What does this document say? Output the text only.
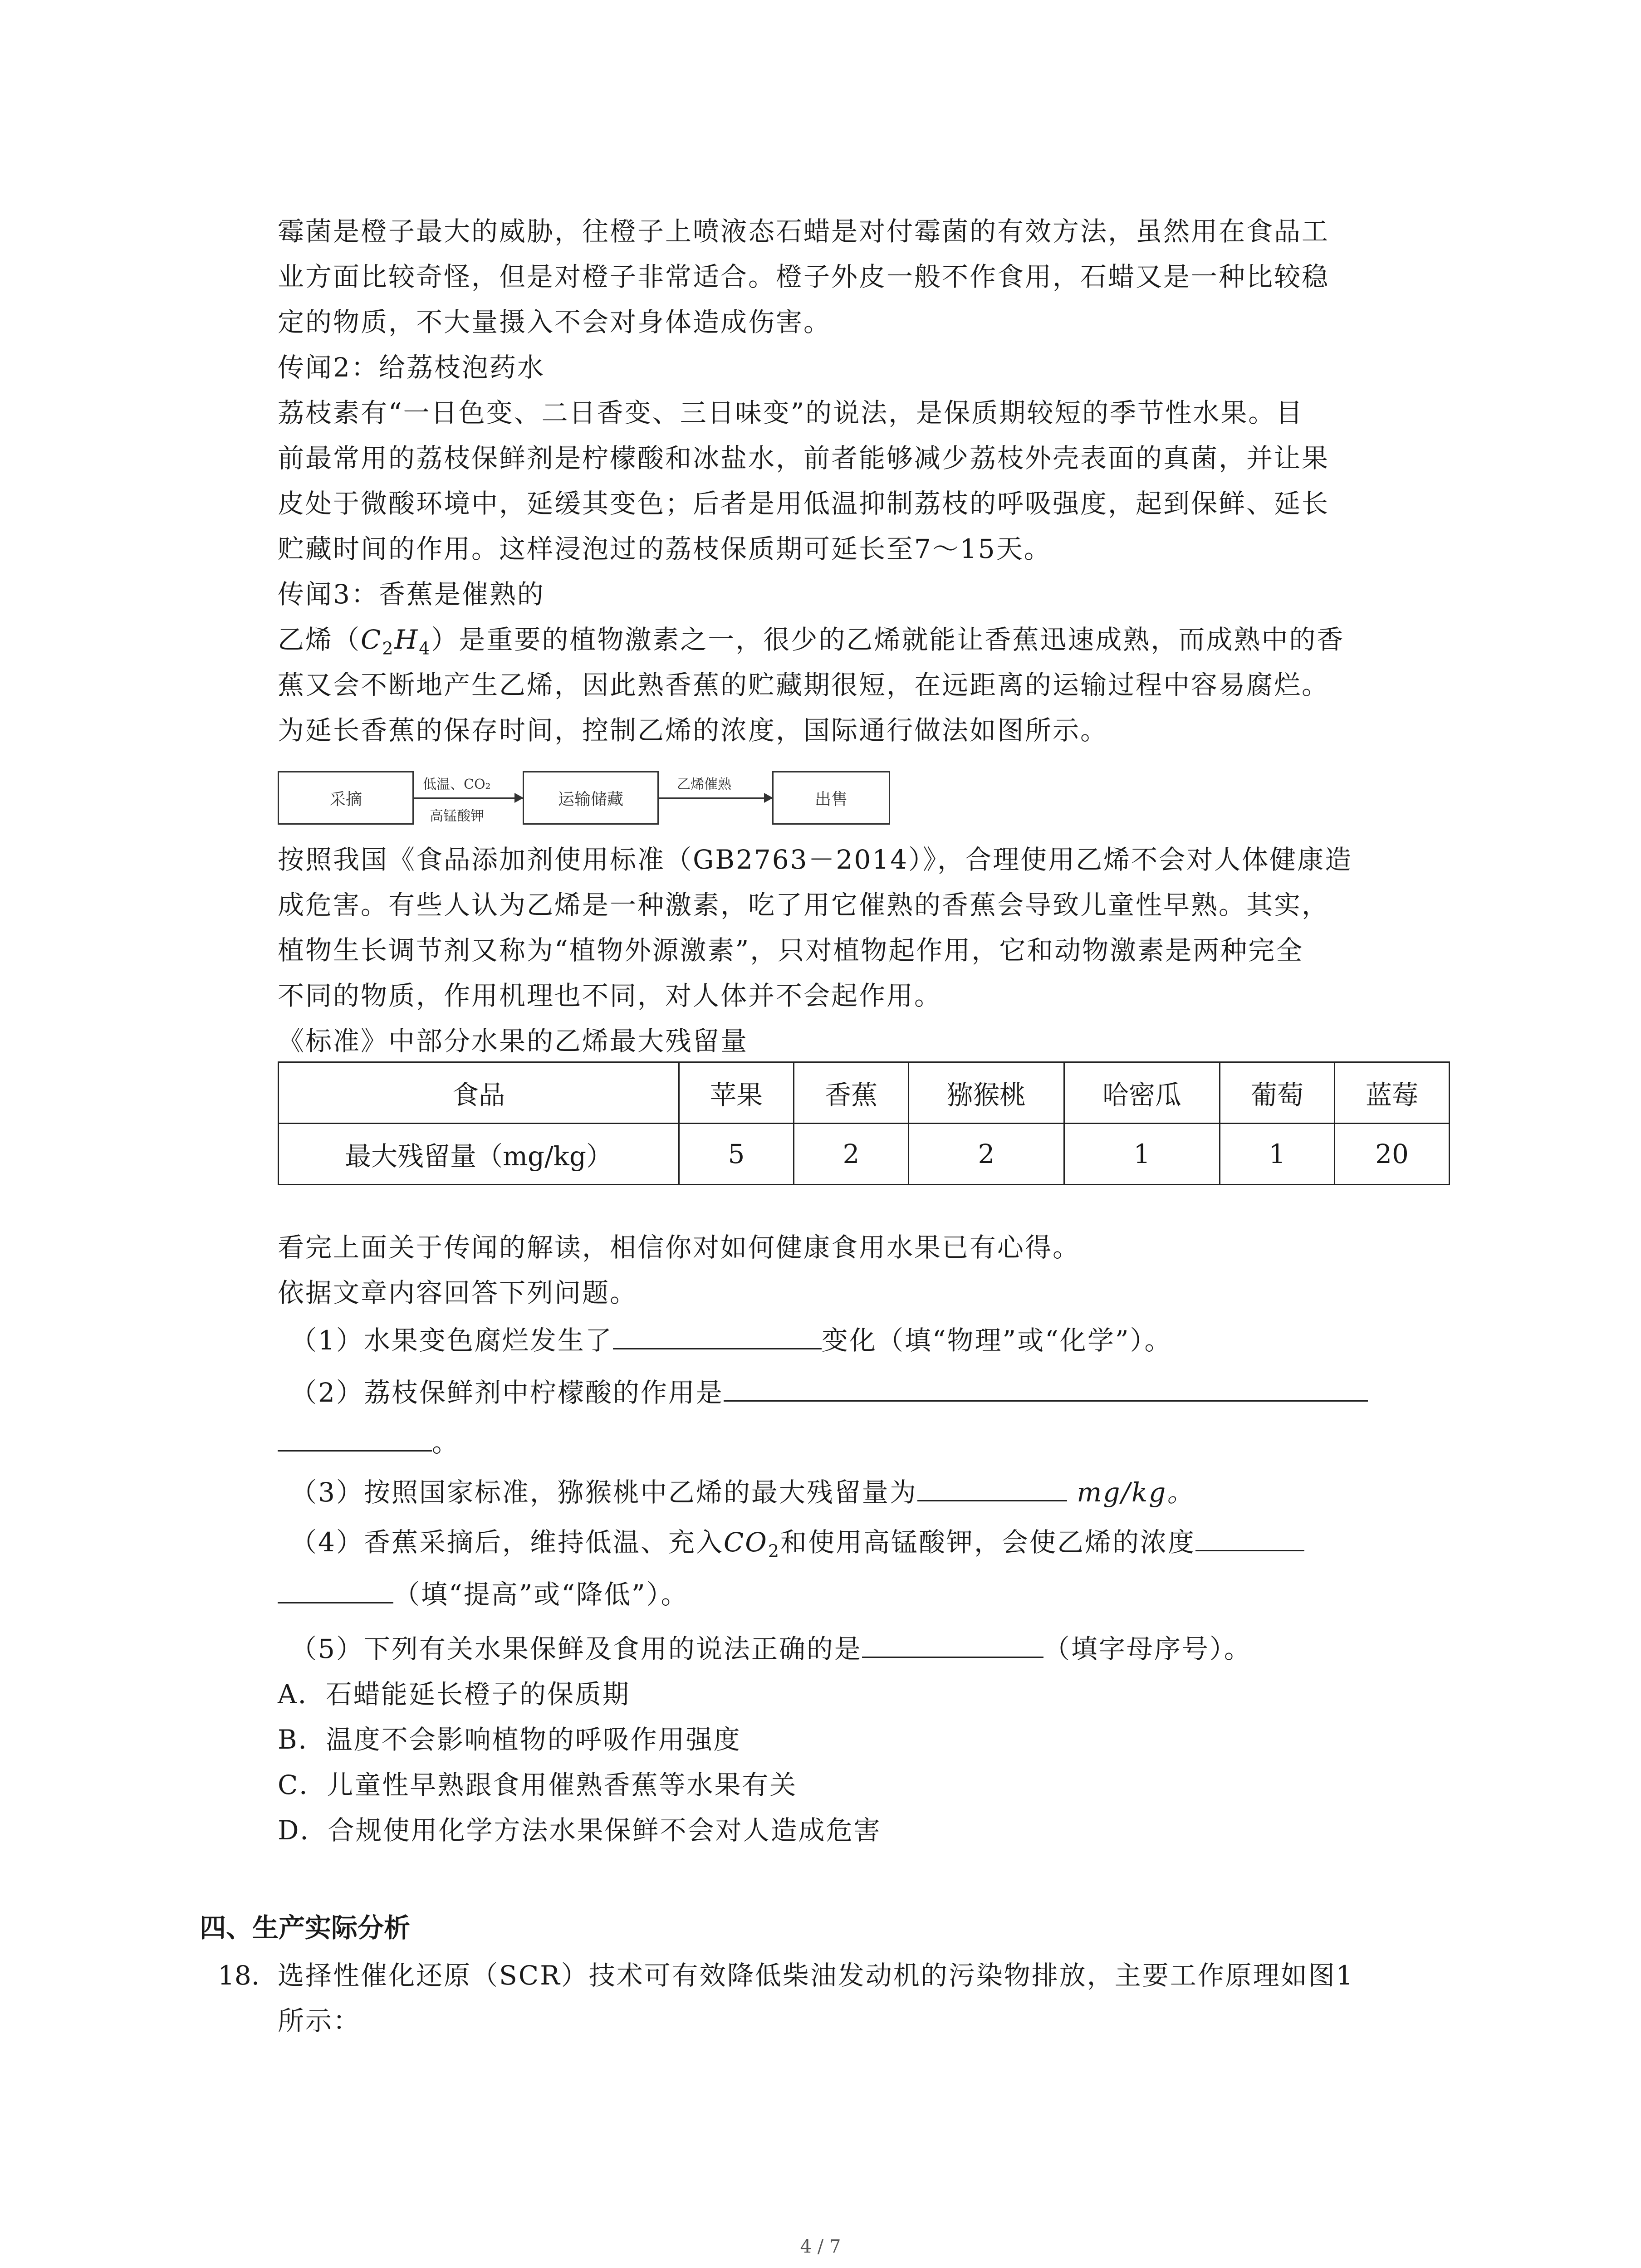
霉菌是橙子最大的威胁，往橙子上喷液态石蜡是对付霉菌的有效方法，虽然用在食品工
业方面比较奇怪，但是对橙子非常适合。橙子外皮一般不作食用，石蜡又是一种比较稳
定的物质，不大量摄入不会对身体造成伤害。
传闻2：给荔枝泡药水
荔枝素有“一日色变、二日香变、三日味变”的说法，是保质期较短的季节性水果。目
前最常用的荔枝保鲜剂是柠檬酸和冰盐水，前者能够减少荔枝外壳表面的真菌，并让果
皮处于微酸环境中，延缓其变色；后者是用低温抑制荔枝的呼吸强度，起到保鲜、延长
贮藏时间的作用。这样浸泡过的荔枝保质期可延长至7～15天。
传闻3：香蕉是催熟的
乙烯$(C_2H_4)$是重要的植物激素之一，很少的乙烯就能让香蕉迅速成熟，而成熟中的香
蕉又会不断地产生乙烯，因此熟香蕉的贮藏期很短，在远距离的运输过程中容易腐烂。
为延长香蕉的保存时间，控制乙烯的浓度，国际通行做法如图所示。
采摘
低温、CO₂
高锰酸钾
运输储藏
乙烯催熟
出售
按照我国《食品添加剂使用标准（GB2763－2014）》，合理使用乙烯不会对人体健康造
成危害。有些人认为乙烯是一种激素，吃了用它催熟的香蕉会导致儿童性早熟。其实，
植物生长调节剂又称为“植物外源激素”，只对植物起作用，它和动物激素是两种完全
不同的物质，作用机理也不同，对人体并不会起作用。
《标准》中部分水果的乙烯最大残留量
食品	苹果	香蕉	猕猴桃	哈密瓜	葡萄	蓝莓
最大残留量（mg/kg）	5	2	2	1	1	20
看完上面关于传闻的解读，相信你对如何健康食用水果已有心得。
依据文章内容回答下列问题。
（1）水果变色腐烂发生了	变化（填“物理”或“化学”）。
（2）荔枝保鲜剂中柠檬酸的作用是
。
（3）按照国家标准，猕猴桃中乙烯的最大残留量为	mg/kg。
（4）香蕉采摘后，维持低温、充入$CO_2$和使用高锰酸钾，会使乙烯的浓度
（填“提高”或“降低”）。
（5）下列有关水果保鲜及食用的说法正确的是	（填字母序号）。
A．石蜡能延长橙子的保质期
B．温度不会影响植物的呼吸作用强度
C．儿童性早熟跟食用催熟香蕉等水果有关
D．合规使用化学方法水果保鲜不会对人造成危害
四、生产实际分析
18. 选择性催化还原（SCR）技术可有效降低柴油发动机的污染物排放，主要工作原理如图1
所示：
4 / 7
